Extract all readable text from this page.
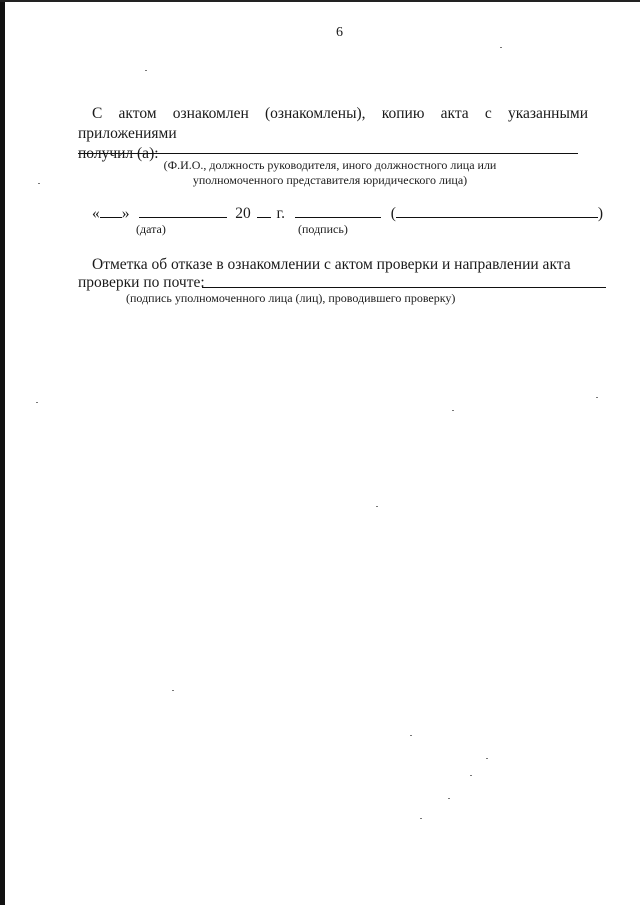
6
С актом ознакомлен (ознакомлены), копию акта с указанными приложениями
получил (а):
(Ф.И.О., должность руководителя, иного должностного лица или
уполномоченного представителя юридического лица)
« »	20 г.	(	)
(дата)	(подпись)
Отметка об отказе в ознакомлении с актом проверки и направлении акта
проверки по почте:
(подпись уполномоченного лица (лиц), проводившего проверку)
